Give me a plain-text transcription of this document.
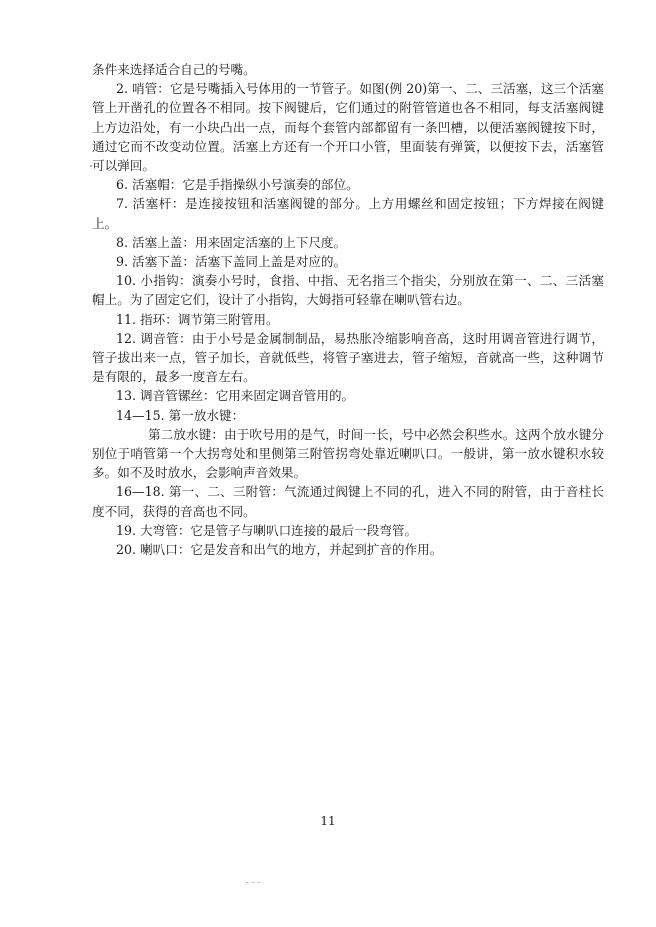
条件来选择适合自己的号嘴。

2. 哨管：它是号嘴插入号体用的一节管子。如图(例 20)第一、二、三活塞，这三个活塞管上开凿孔的位置各不相同。按下阀键后，它们通过的附管管道也各不相同，每支活塞阀键上方边沿处，有一小块凸出一点，而每个套管内部都留有一条凹槽，以便活塞阀键按下时，通过它而不改变动位置。活塞上方还有一个开口小管，里面装有弹簧，以便按下去，活塞管可以弹回。

6. 活塞帽：它是手指操纵小号演奏的部位。

7. 活塞杆：是连接按钮和活塞阀键的部分。上方用螺丝和固定按钮；下方焊接在阀键上。

8. 活塞上盖：用来固定活塞的上下尺度。

9. 活塞下盖：活塞下盖同上盖是对应的。

10. 小指钩：演奏小号时，食指、中指、无名指三个指尖，分别放在第一、二、三活塞帽上。为了固定它们，设计了小指钩，大姆指可轻靠在喇叭管右边。

11. 指环：调节第三附管用。

12. 调音管：由于小号是金属制制品，易热胀冷缩影响音高，这时用调音管进行调节，管子拔出来一点，管子加长，音就低些，将管子塞进去，管子缩短，音就高一些，这种调节是有限的，最多一度音左右。

13. 调音管镙丝：它用来固定调音管用的。

14—15. 第一放水键：

第二放水键：由于吹号用的是气，时间一长，号中必然会积些水。这两个放水键分别位于哨管第一个大拐弯处和里侧第三附管拐弯处靠近喇叭口。一般讲，第一放水键积水较多。如不及时放水，会影响声音效果。

16—18. 第一、二、三附管：气流通过阀键上不同的孔，进入不同的附管，由于音柱长度不同，获得的音高也不同。

19. 大弯管：它是管子与喇叭口连接的最后一段弯管。

20. 喇叭口：它是发音和出气的地方，并起到扩音的作用。

11
